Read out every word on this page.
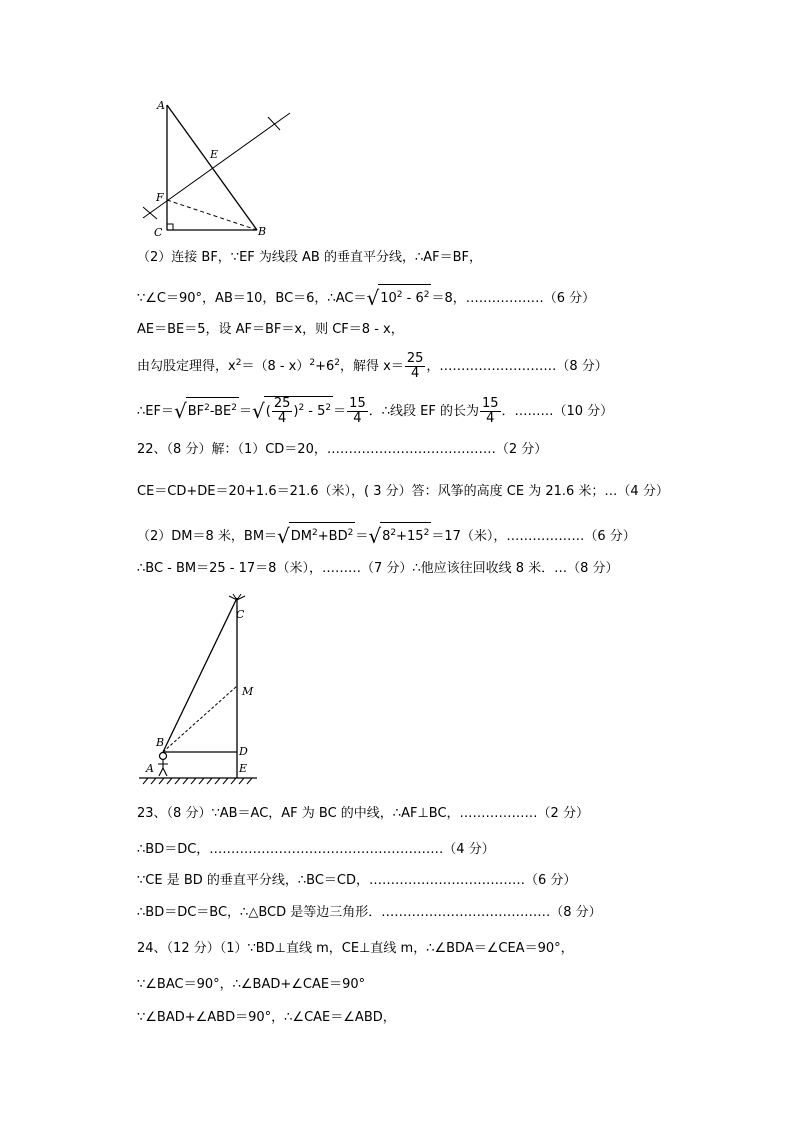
A
E
F
C	B
（2）连接 BF，∵EF 为线段 AB 的垂直平分线，∴AF＝BF，
∵∠C＝90°，AB＝10，BC＝6，$\therefore AC=√10^2 - 6^2 =8$，………………（6 分）
AE＝BE＝5，设 AF＝BF＝x，则 CF＝8 - x，
由勾股定理得，$x^2=(8 - x)^2+6^2$，解得 $x= \frac{25}{4}$ ，………………………（8 分）
$\therefore EF=√BF^2-BE^2$ ＝√( $\frac{25}{4} )^2 - 5^2 = \frac{15}{4}$ ．∴线段 EF 的长为 $\frac{15}{4}$ ．………（10 分）
22、（8 分）解：（1）CD＝20，…………………………………（2 分）
CE＝CD+DE＝20+1.6＝21.6（米），( 3 分）答：风筝的高度 CE 为 21.6 米；…（4 分）
（2）DM＝8 米，$BM=√DM^2+BD^2 =√8^2+15^2 =17$（米），………………（6 分）
∴BC - BM＝25 - 17＝8（米），………（7 分）∴他应该往回收线 8 米．…（8 分）
C
M
B
D
A	E
23、（8 分）∵AB＝AC，AF 为 BC 的中线，∴AF⊥BC，………………（2 分）
∴BD＝DC，………………………………………………（4 分）
∵CE 是 BD 的垂直平分线，∴BC＝CD，………………………………（6 分）
∴BD＝DC＝BC，∴△BCD 是等边三角形．…………………………………（8 分）
24、（12 分）（1）∵BD⊥直线 m，CE⊥直线 m，∴∠BDA＝∠CEA＝90°，
∵∠BAC＝90°，∴∠BAD+∠CAE＝90°
∵∠BAD+∠ABD＝90°，∴∠CAE＝∠ABD，
